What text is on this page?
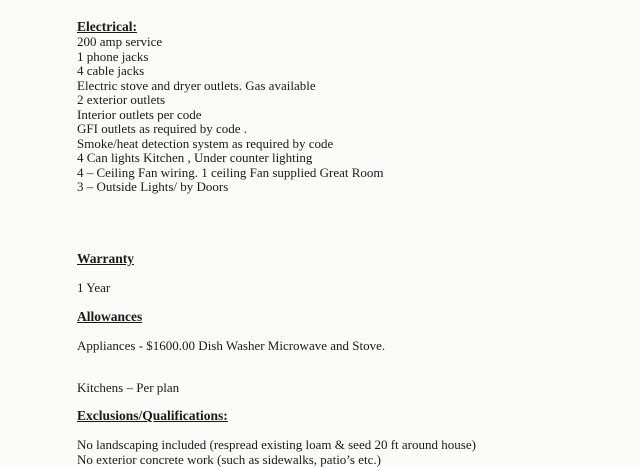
Electrical:
200 amp service
1 phone jacks
4 cable jacks
Electric stove and dryer outlets. Gas available
2 exterior outlets
Interior outlets per code
GFI outlets as required by code .
Smoke/heat detection system as required by code
4 Can lights Kitchen , Under counter lighting
4 – Ceiling Fan wiring. 1 ceiling Fan supplied Great Room
3 – Outside Lights/ by Doors
Warranty
1 Year
Allowances
Appliances - $1600.00 Dish Washer Microwave and Stove.
Kitchens – Per plan
Exclusions/Qualifications:
No landscaping included (respread existing loam & seed 20 ft around house)
No exterior concrete work (such as sidewalks, patio’s etc.)
